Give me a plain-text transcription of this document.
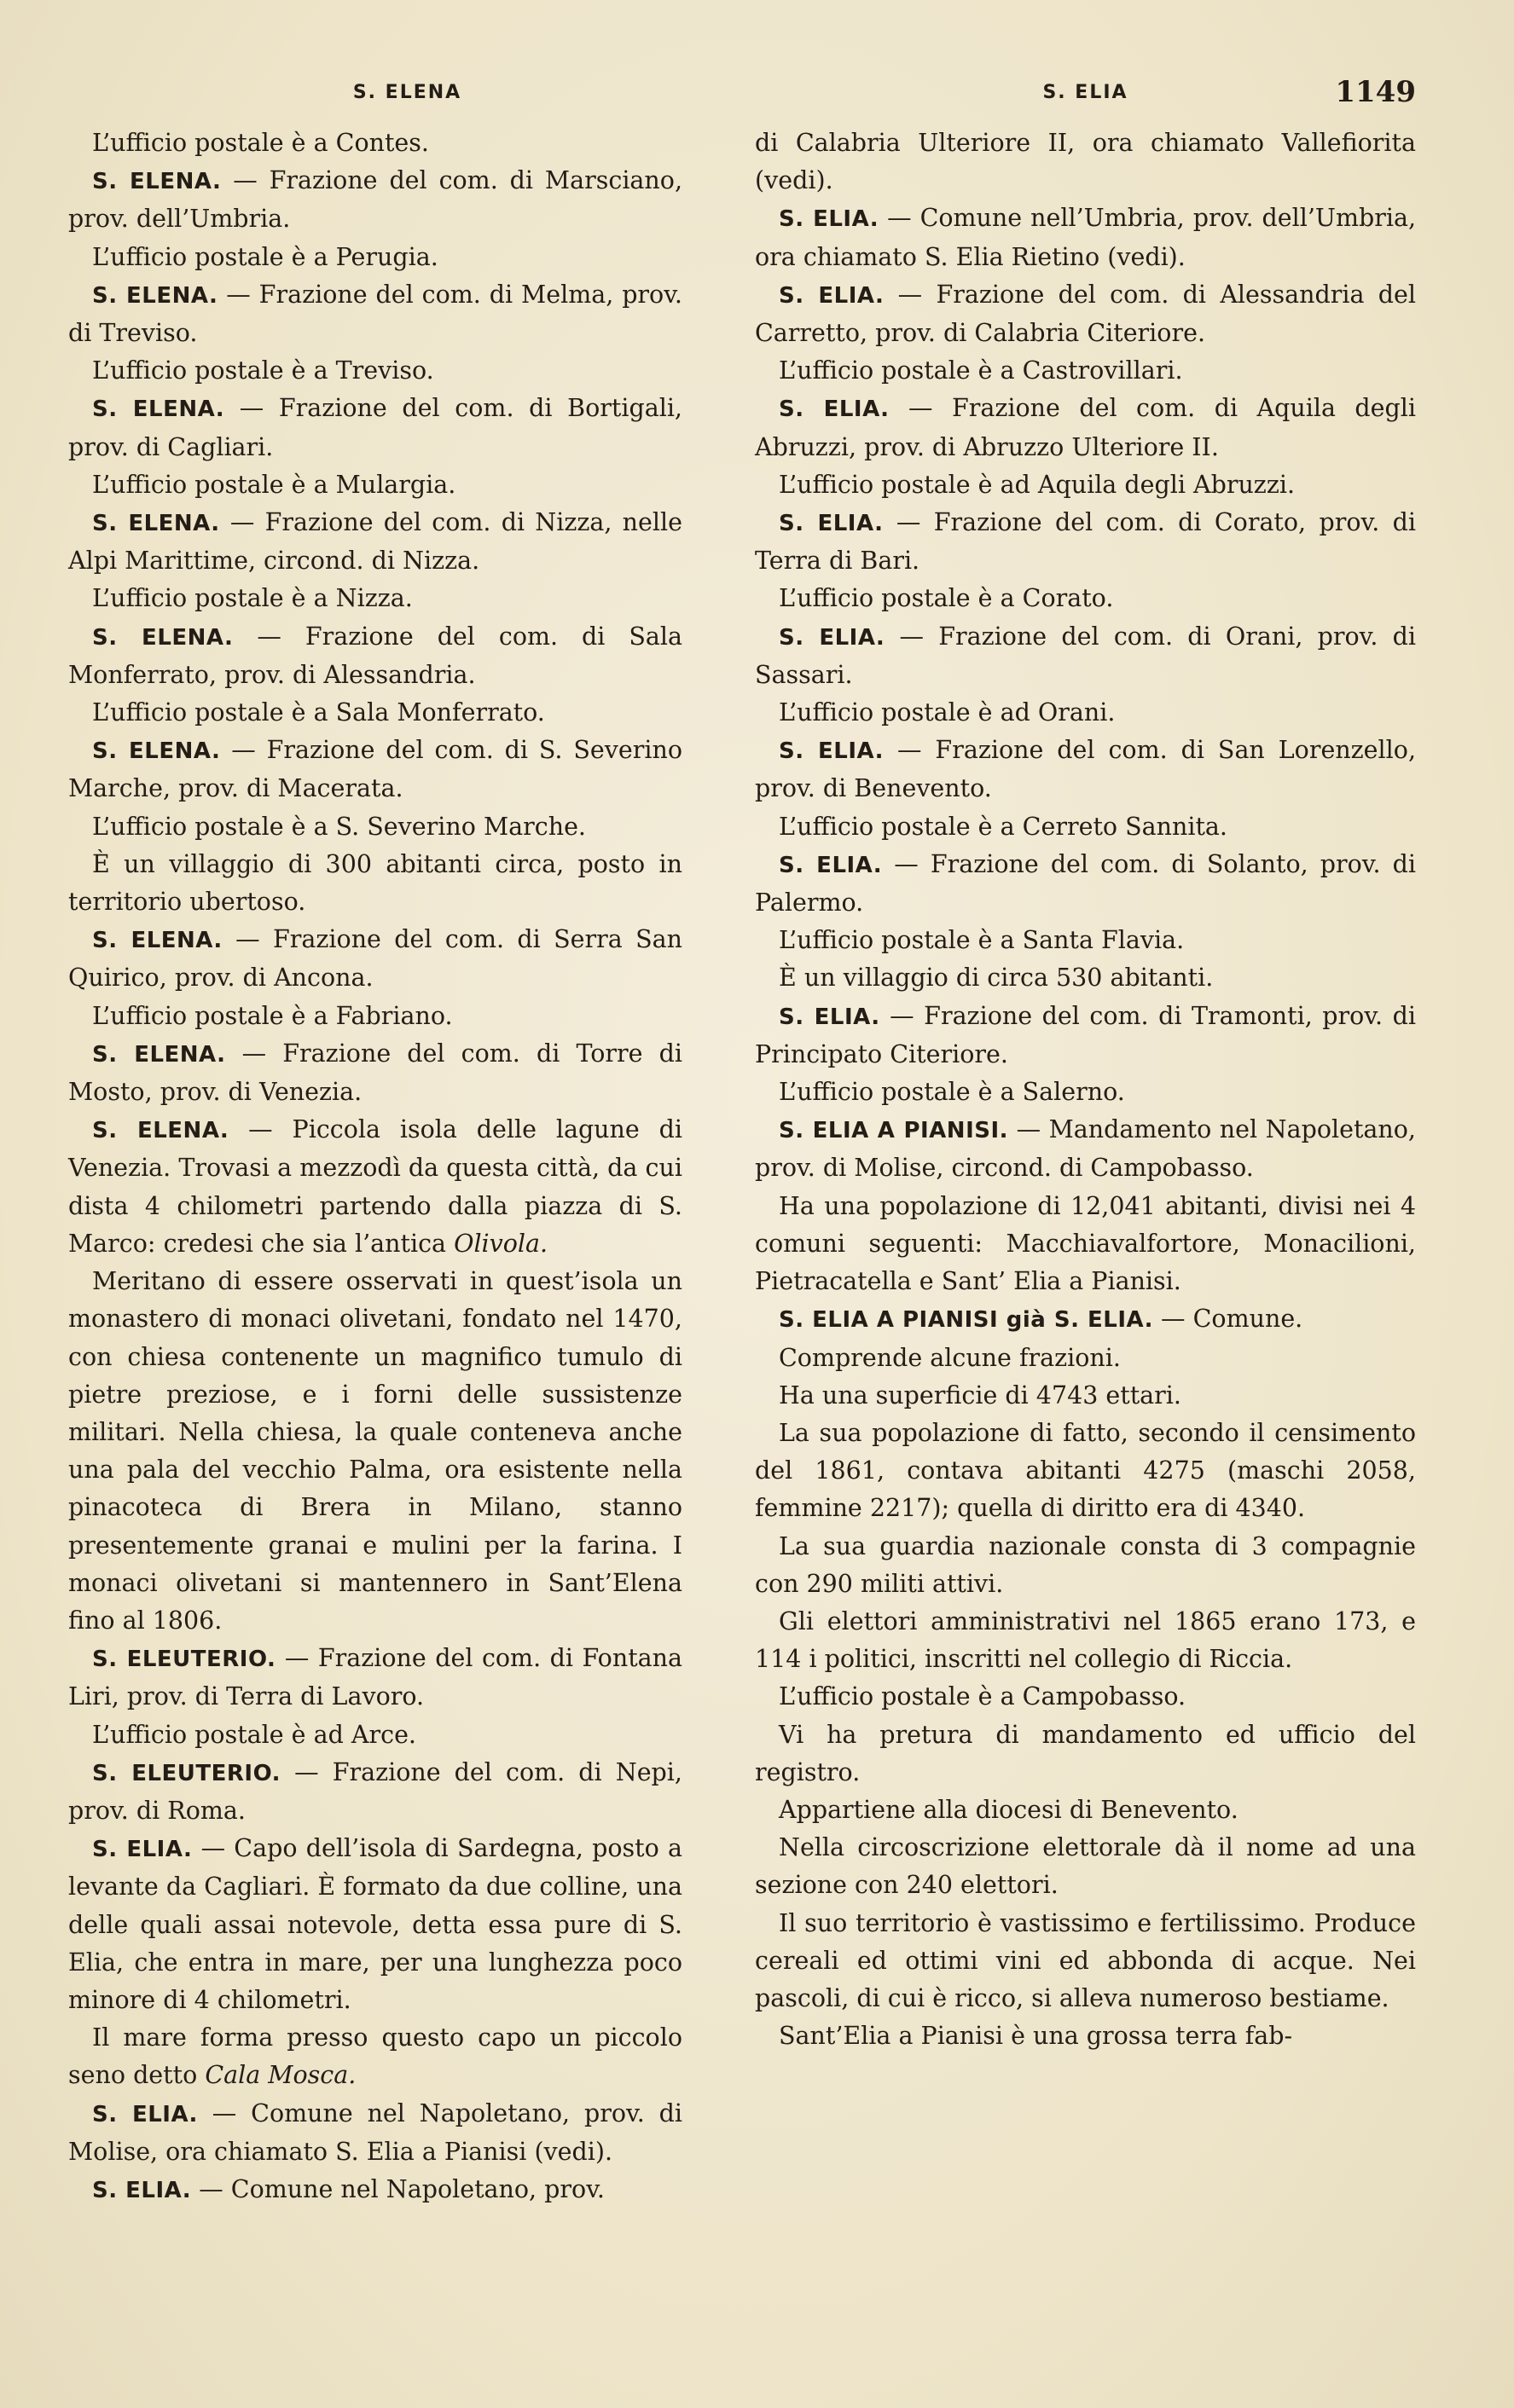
S. ELENA	S. ELIA	1149

L’ufficio postale è a Contes.

S. ELENA. — Frazione del com. di Marsciano, prov. dell’Umbria.

L’ufficio postale è a Perugia.

S. ELENA. — Frazione del com. di Melma, prov. di Treviso.

L’ufficio postale è a Treviso.

S. ELENA. — Frazione del com. di Bortigali, prov. di Cagliari.

L’ufficio postale è a Mulargia.

S. ELENA. — Frazione del com. di Nizza, nelle Alpi Marittime, circond. di Nizza.

L’ufficio postale è a Nizza.

S. ELENA. — Frazione del com. di Sala Monferrato, prov. di Alessandria.

L’ufficio postale è a Sala Monferrato.

S. ELENA. — Frazione del com. di S. Severino Marche, prov. di Macerata.

L’ufficio postale è a S. Severino Marche.

È un villaggio di 300 abitanti circa, posto in territorio ubertoso.

S. ELENA. — Frazione del com. di Serra San Quirico, prov. di Ancona.

L’ufficio postale è a Fabriano.

S. ELENA. — Frazione del com. di Torre di Mosto, prov. di Venezia.

S. ELENA. — Piccola isola delle lagune di Venezia. Trovasi a mezzodì da questa città, da cui dista 4 chilometri partendo dalla piazza di S. Marco: credesi che sia l’antica Olivola.

Meritano di essere osservati in quest’isola un monastero di monaci olivetani, fondato nel 1470, con chiesa contenente un magnifico tumulo di pietre preziose, e i forni delle sussistenze militari. Nella chiesa, la quale conteneva anche una pala del vecchio Palma, ora esistente nella pinacoteca di Brera in Milano, stanno presentemente granai e mulini per la farina. I monaci olivetani si mantennero in Sant’Elena fino al 1806.

S. ELEUTERIO. — Frazione del com. di Fontana Liri, prov. di Terra di Lavoro.

L’ufficio postale è ad Arce.

S. ELEUTERIO. — Frazione del com. di Nepi, prov. di Roma.

S. ELIA. — Capo dell’isola di Sardegna, posto a levante da Cagliari. È formato da due colline, una delle quali assai notevole, detta essa pure di S. Elia, che entra in mare, per una lunghezza poco minore di 4 chilometri.

Il mare forma presso questo capo un piccolo seno detto Cala Mosca.

S. ELIA. — Comune nel Napoletano, prov. di Molise, ora chiamato S. Elia a Pianisi (vedi).

S. ELIA. — Comune nel Napoletano, prov.

di Calabria Ulteriore II, ora chiamato Vallefiorita (vedi).

S. ELIA. — Comune nell’Umbria, prov. dell’Umbria, ora chiamato S. Elia Rietino (vedi).

S. ELIA. — Frazione del com. di Alessandria del Carretto, prov. di Calabria Citeriore.

L’ufficio postale è a Castrovillari.

S. ELIA. — Frazione del com. di Aquila degli Abruzzi, prov. di Abruzzo Ulteriore II.

L’ufficio postale è ad Aquila degli Abruzzi.

S. ELIA. — Frazione del com. di Corato, prov. di Terra di Bari.

L’ufficio postale è a Corato.

S. ELIA. — Frazione del com. di Orani, prov. di Sassari.

L’ufficio postale è ad Orani.

S. ELIA. — Frazione del com. di San Lorenzello, prov. di Benevento.

L’ufficio postale è a Cerreto Sannita.

S. ELIA. — Frazione del com. di Solanto, prov. di Palermo.

L’ufficio postale è a Santa Flavia.

È un villaggio di circa 530 abitanti.

S. ELIA. — Frazione del com. di Tramonti, prov. di Principato Citeriore.

L’ufficio postale è a Salerno.

S. ELIA A PIANISI. — Mandamento nel Napoletano, prov. di Molise, circond. di Campobasso.

Ha una popolazione di 12,041 abitanti, divisi nei 4 comuni seguenti: Macchiavalfortore, Monacilioni, Pietracatella e Sant’ Elia a Pianisi.

S. ELIA A PIANISI già S. ELIA. — Comune.

Comprende alcune frazioni.

Ha una superficie di 4743 ettari.

La sua popolazione di fatto, secondo il censimento del 1861, contava abitanti 4275 (maschi 2058, femmine 2217); quella di diritto era di 4340.

La sua guardia nazionale consta di 3 compagnie con 290 militi attivi.

Gli elettori amministrativi nel 1865 erano 173, e 114 i politici, inscritti nel collegio di Riccia.

L’ufficio postale è a Campobasso.

Vi ha pretura di mandamento ed ufficio del registro.

Appartiene alla diocesi di Benevento.

Nella circoscrizione elettorale dà il nome ad una sezione con 240 elettori.

Il suo territorio è vastissimo e fertilissimo. Produce cereali ed ottimi vini ed abbonda di acque. Nei pascoli, di cui è ricco, si alleva numeroso bestiame.

Sant’Elia a Pianisi è una grossa terra fab-
